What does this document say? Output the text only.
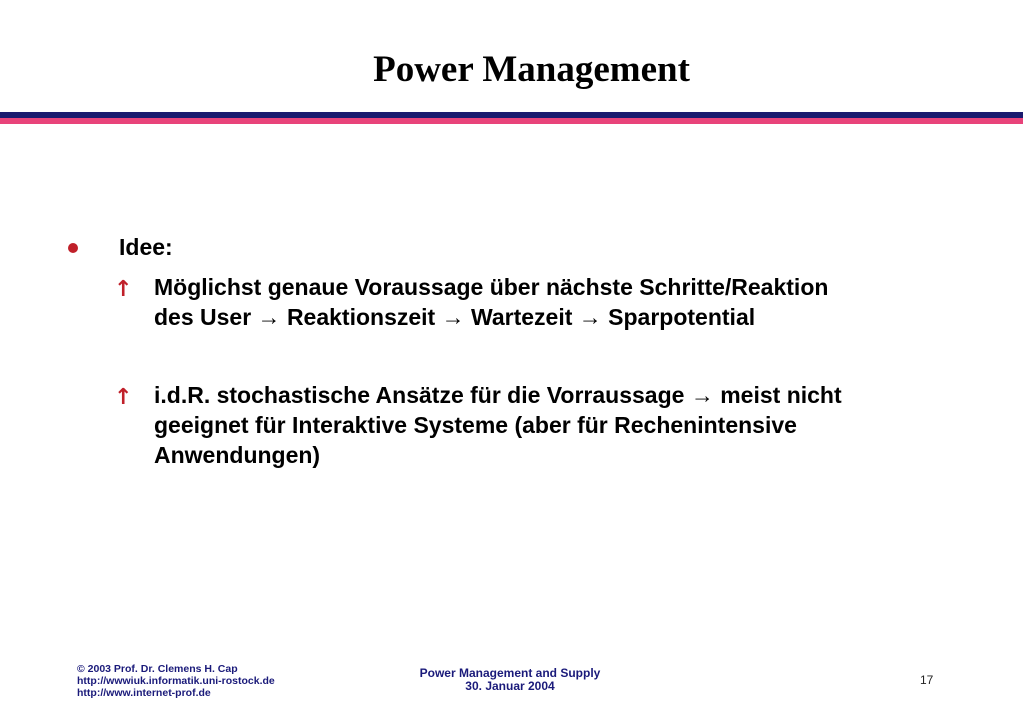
Power Management
Idee:
↑ Möglichst genaue Voraussage über nächste Schritte/Reaktion
des User → Reaktionszeit → Wartezeit → Sparpotential
↑ i.d.R. stochastische Ansätze für die Vorraussage → meist nicht
geeignet für Interaktive Systeme (aber für Rechenintensive
Anwendungen)
© 2003 Prof. Dr. Clemens H. Cap
http://wwwiuk.informatik.uni-rostock.de
http://www.internet-prof.de
Power Management and Supply
30. Januar 2004	17
